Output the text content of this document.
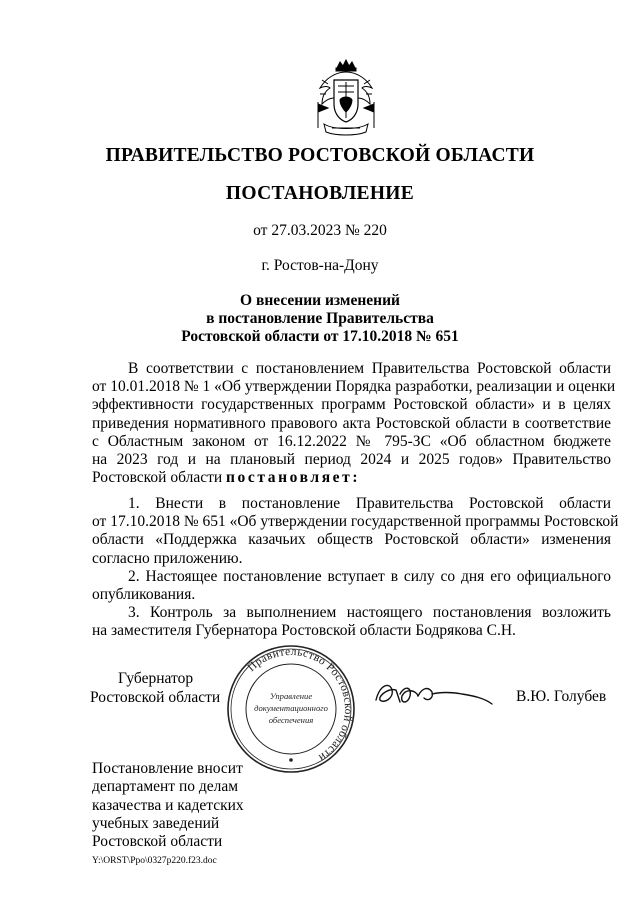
ПРАВИТЕЛЬСТВО РОСТОВСКОЙ ОБЛАСТИ
ПОСТАНОВЛЕНИЕ
от 27.03.2023 № 220
г. Ростов-на-Дону
О внесении изменений
в постановление Правительства
Ростовской области от 17.10.2018 № 651
В соответствии с постановлением Правительства Ростовской области
от 10.01.2018 № 1 «Об утверждении Порядка разработки, реализации и оценки
эффективности государственных программ Ростовской области» и в целях
приведения нормативного правового акта Ростовской области в соответствие
с Областным законом от 16.12.2022 № 795-ЗС «Об областном бюджете
на 2023 год и на плановый период 2024 и 2025 годов» Правительство
Ростовской области постановляет:
1. Внести в постановление Правительства Ростовской области
от 17.10.2018 № 651 «Об утверждении государственной программы Ростовской
области «Поддержка казачьих обществ Ростовской области» изменения
согласно приложению.
2. Настоящее постановление вступает в силу со дня его официального
опубликования.
3. Контроль за выполнением настоящего постановления возложить
на заместителя Губернатора Ростовской области Бодрякова С.Н.
Губернатор
Ростовской области
Правительство Ростовской области
Управление
документационного
обеспечения
В.Ю. Голубев
Постановление вносит
департамент по делам
казачества и кадетских
учебных заведений
Ростовской области
Y:\ORST\Ppo\0327p220.f23.doc
